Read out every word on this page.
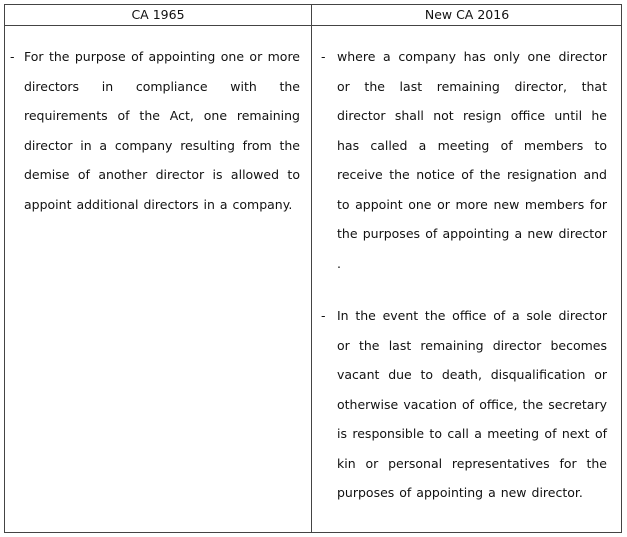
CA 1965	New CA 2016
- For the purpose of appointing one or more directors in compliance with the requirements of the Act, one remaining director in a company resulting from the demise of another director is allowed to appoint additional directors in a company.
- where a company has only one director or the last remaining director, that director shall not resign office until he has called a meeting of members to receive the notice of the resignation and to appoint one or more new members for the purposes of appointing a new director .
- In the event the office of a sole director or the last remaining director becomes vacant due to death, disqualification or otherwise vacation of office, the secretary is responsible to call a meeting of next of kin or personal representatives for the purposes of appointing a new director.
